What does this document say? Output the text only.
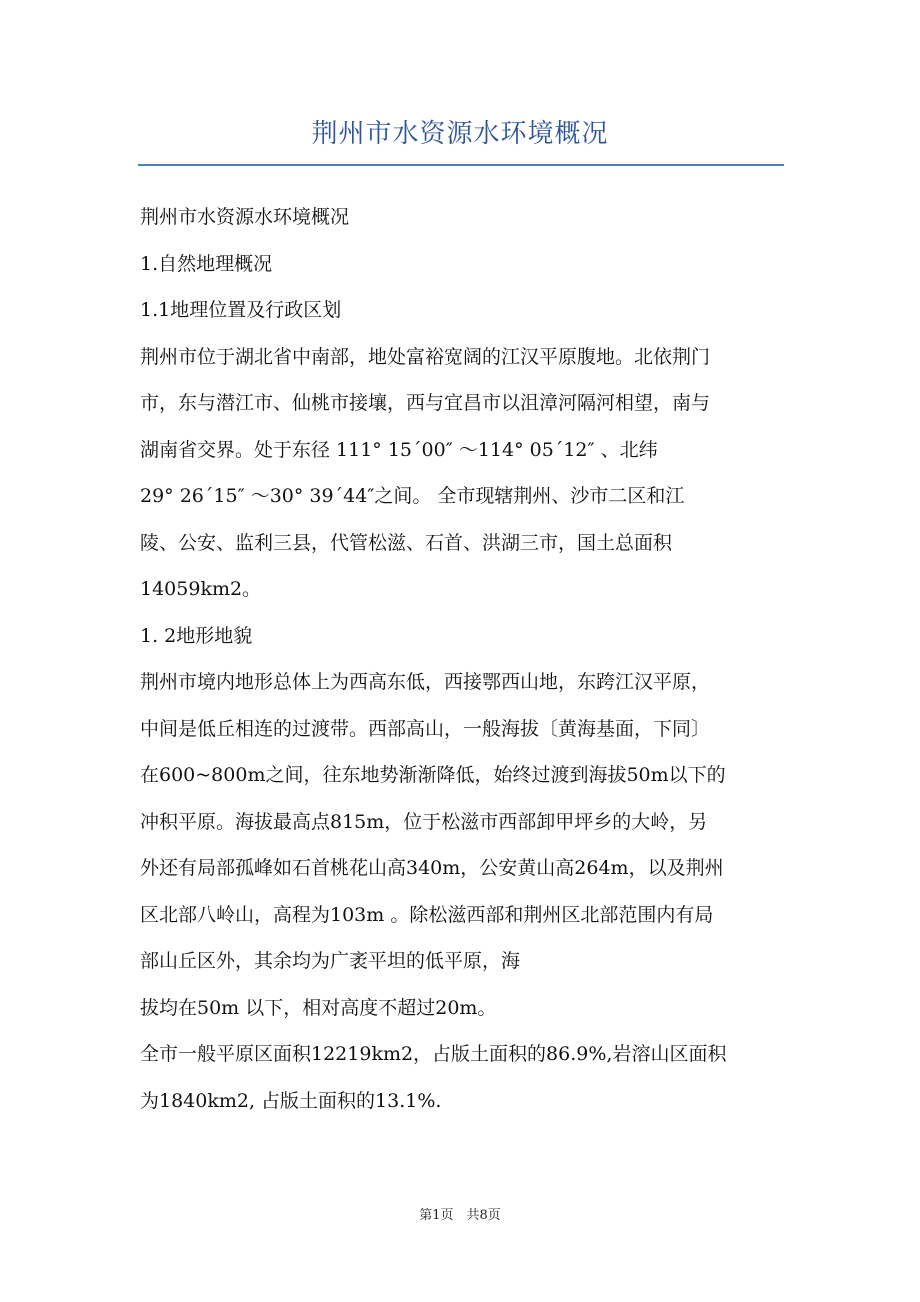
荆州市水资源水环境概况
荆州市水资源水环境概况
1.自然地理概况
1.1地理位置及行政区划
荆州市位于湖北省中南部，地处富裕宽阔的江汉平原腹地。北依荆门
市，东与潜江市、仙桃市接壤，西与宜昌市以沮漳河隔河相望，南与
湖南省交界。处于东径 111° 15´00″ ～114° 05´12″ 、北纬
29° 26´15″ ～30° 39´44″之间。 全市现辖荆州、沙市二区和江
陵、公安、监利三县，代管松滋、石首、洪湖三市，国土总面积
14059km2。
1. 2地形地貌
荆州市境内地形总体上为西高东低，西接鄂西山地，东跨江汉平原，
中间是低丘相连的过渡带。西部高山，一般海拔〔黄海基面，下同〕
在600~800m之间，往东地势渐渐降低，始终过渡到海拔50m以下的
冲积平原。海拔最高点815m，位于松滋市西部卸甲坪乡的大岭，另
外还有局部孤峰如石首桃花山高340m，公安黄山高264m，以及荆州
区北部八岭山，高程为103m 。除松滋西部和荆州区北部范围内有局
部山丘区外，其余均为广袤平坦的低平原，海
拔均在50m 以下，相对高度不超过20m。
全市一般平原区面积12219km2，占版土面积的86.9%,岩溶山区面积
为1840km2, 占版土面积的13.1%.
第1页　共8页
